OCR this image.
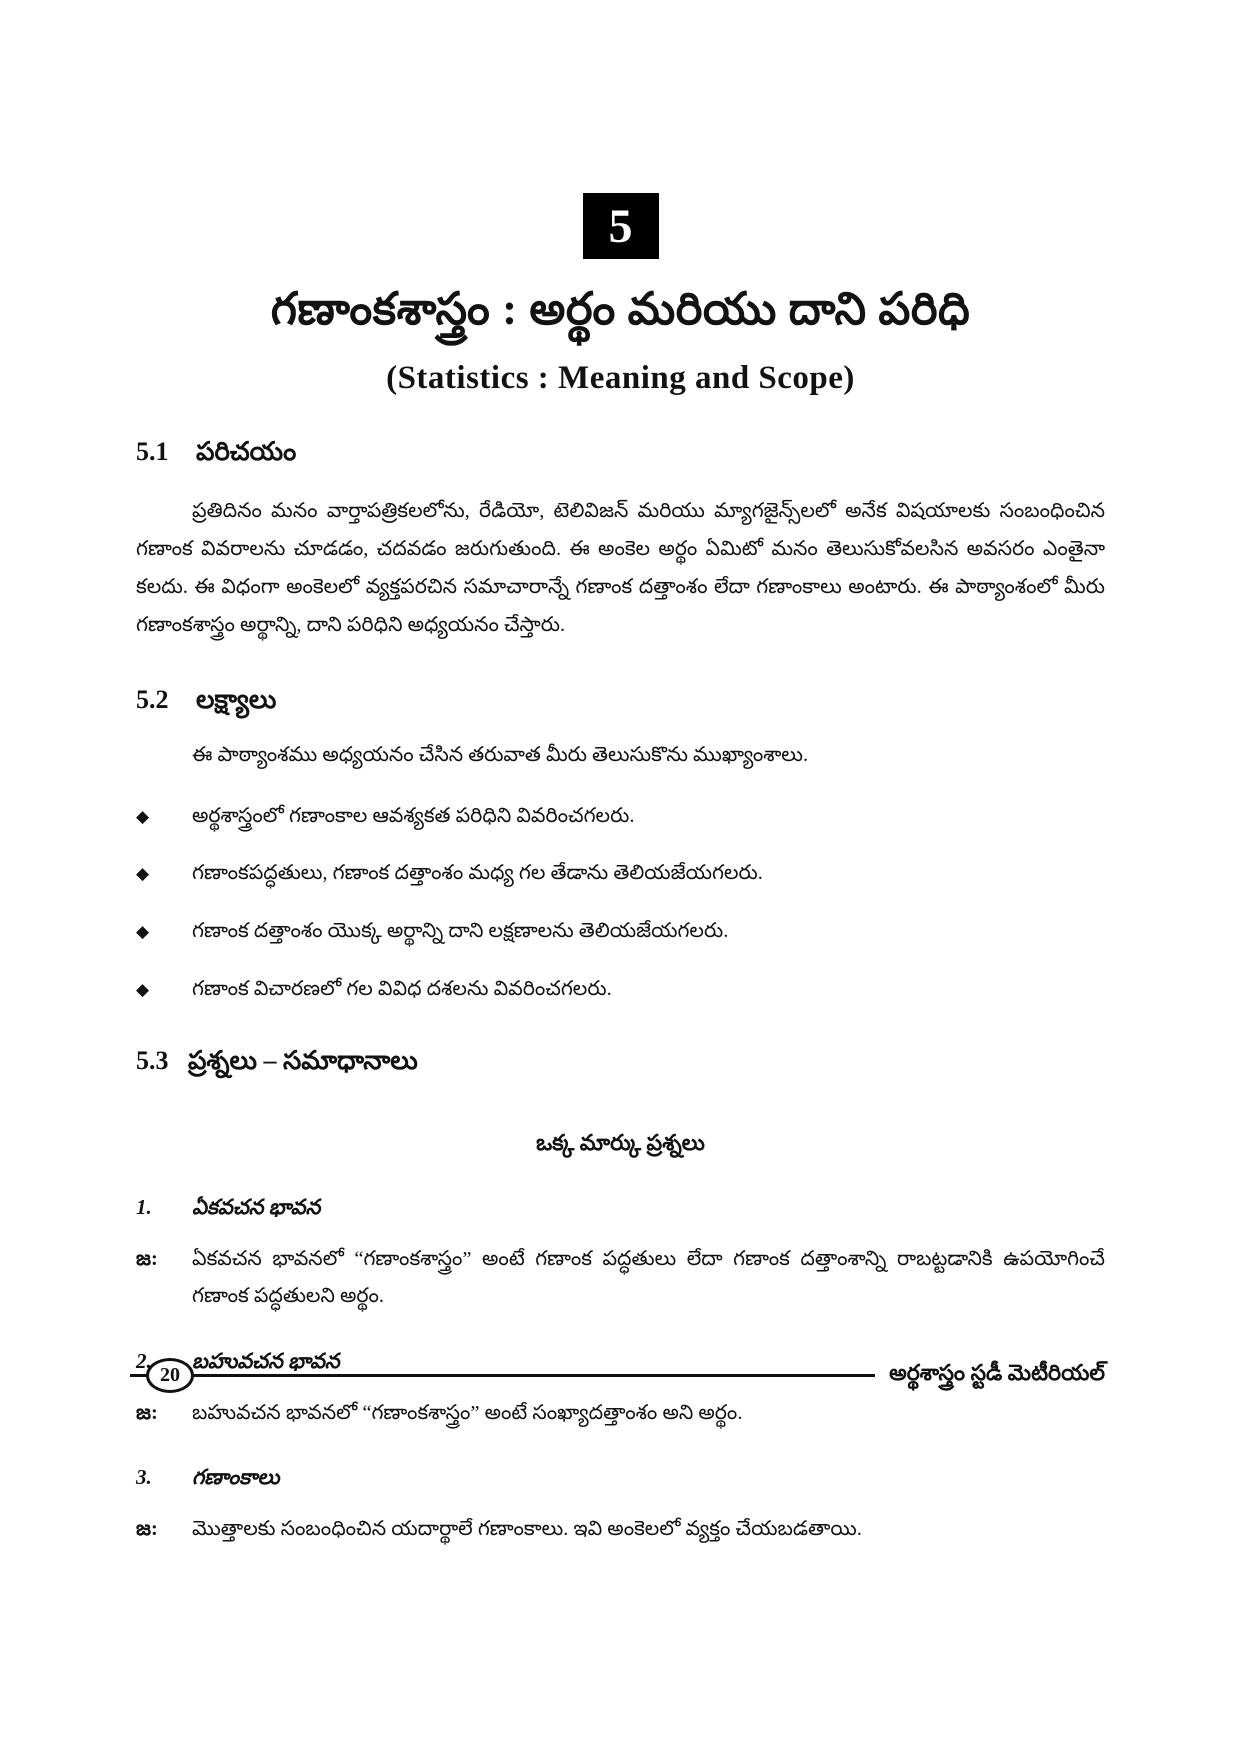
5
గణాంకశాస్త్రం : అర్థం మరియు దాని పరిధి
(Statistics : Meaning and Scope)
5.1	పరిచయం

ప్రతిదినం మనం వార్తాపత్రికలలోను, రేడియో, టెలివిజన్ మరియు మ్యాగజైన్స్‌లలో అనేక విషయాలకు సంబంధించిన గణాంక వివరాలను చూడడం, చదవడం జరుగుతుంది. ఈ అంకెల అర్థం ఏమిటో మనం తెలుసుకోవలసిన అవసరం ఎంతైనా కలదు. ఈ విధంగా అంకెలలో వ్యక్తపరచిన సమాచారాన్నే గణాంక దత్తాంశం లేదా గణాంకాలు అంటారు. ఈ పాఠ్యాంశంలో మీరు గణాంకశాస్త్రం అర్థాన్ని, దాని పరిధిని అధ్యయనం చేస్తారు.

5.2	లక్ష్యాలు

ఈ పాఠ్యాంశము అధ్యయనం చేసిన తరువాత మీరు తెలుసుకొను ముఖ్యాంశాలు.

◆	అర్థశాస్త్రంలో గణాంకాల ఆవశ్యకత పరిధిని వివరించగలరు.
◆	గణాంకపద్ధతులు, గణాంక దత్తాంశం మధ్య గల తేడాను తెలియజేయగలరు.
◆	గణాంక దత్తాంశం యొక్క అర్థాన్ని దాని లక్షణాలను తెలియజేయగలరు.
◆	గణాంక విచారణలో గల వివిధ దశలను వివరించగలరు.
5.3 ప్రశ్నలు – సమాధానాలు
ఒక్క మార్కు ప్రశ్నలు
1.	ఏకవచన భావన
జ:	ఏకవచన భావనలో “గణాంకశాస్త్రం” అంటే గణాంక పద్ధతులు లేదా గణాంక దత్తాంశాన్ని రాబట్టడానికి ఉపయోగించే గణాంక పద్ధతులని అర్థం.
2.	బహువచన భావన
జ:	బహువచన భావనలో “గణాంకశాస్త్రం” అంటే సంఖ్యాదత్తాంశం అని అర్థం.
3.	గణాంకాలు
జ:	మొత్తాలకు సంబంధించిన యదార్థాలే గణాంకాలు. ఇవి అంకెలలో వ్యక్తం చేయబడతాయి.
20	అర్థశాస్త్రం స్టడీ మెటీరియల్
